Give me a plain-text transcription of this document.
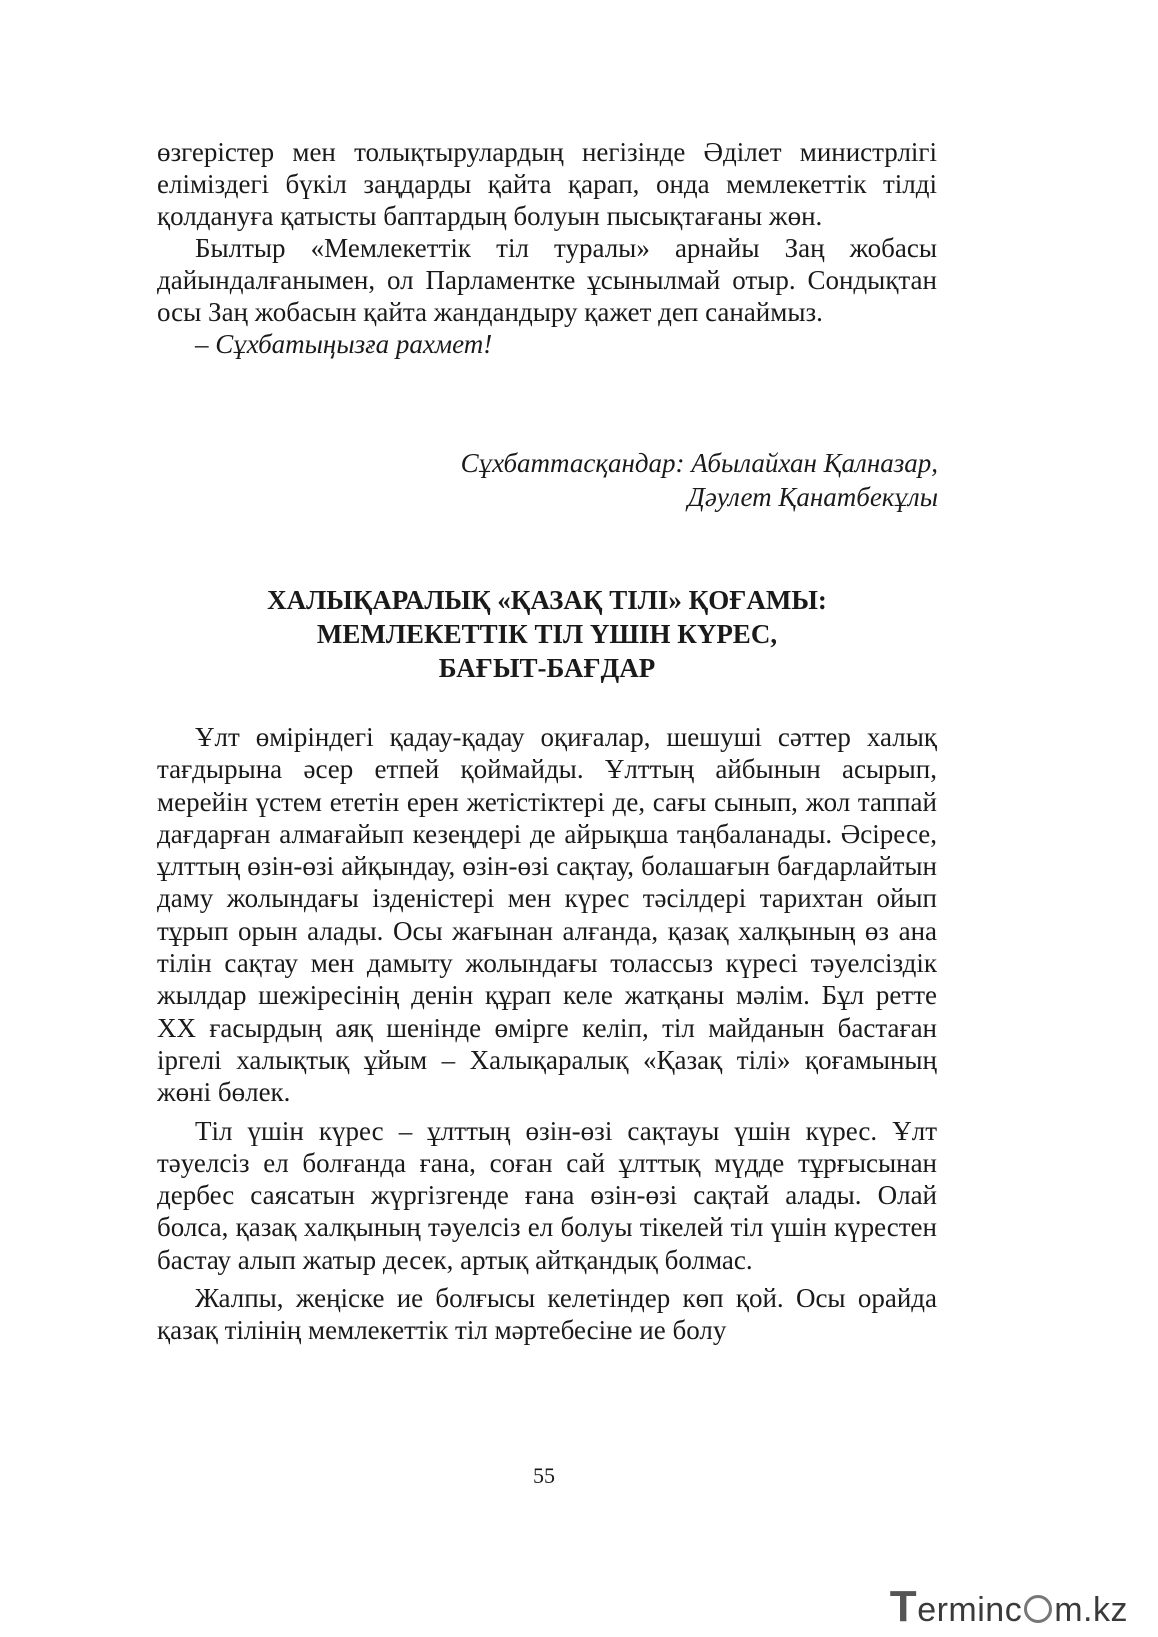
өзгерістер мен толықтырулардың негізінде Әділет министрлігі еліміздегі бүкіл заңдарды қайта қарап, онда мемлекеттік тілді қолдануға қатысты баптардың болуын пысықтағаны жөн.

Былтыр «Мемлекеттік тіл туралы» арнайы Заң жобасы дайындалғанымен, ол Парламентке ұсынылмай отыр. Сондықтан осы Заң жобасын қайта жандандыру қажет деп санаймыз.

– Сұхбатыңызға рахмет!

Сұхбаттасқандар: Абылайхан Қалназар,
Дәулет Қанатбекұлы
ХАЛЫҚАРАЛЫҚ «ҚАЗАҚ ТІЛІ» ҚОҒАМЫ:
МЕМЛЕКЕТТІК ТІЛ ҮШІН КҮРЕС,
БАҒЫТ-БАҒДАР

Ұлт өміріндегі қадау-қадау оқиғалар, шешуші сәттер халық тағдырына әсер етпей қоймайды. Ұлттың айбынын асырып, мерейін үстем ететін ерен жетістіктері де, сағы сынып, жол таппай дағдарған алмағайып кезеңдері де айрықша таңбаланады. Әсіресе, ұлттың өзін-өзі айқындау, өзін-өзі сақтау, болашағын бағдарлайтын даму жолындағы ізденістері мен күрес тәсілдері тарихтан ойып тұрып орын алады. Осы жағынан алғанда, қазақ халқының өз ана тілін сақтау мен дамыту жолындағы толассыз күресі тәуелсіздік жылдар шежіресінің денін құрап келе жатқаны мәлім. Бұл ретте ХХ ғасырдың аяқ шенінде өмірге келіп, тіл майданын бастаған іргелі халықтық ұйым – Халықаралық «Қазақ тілі» қоғамының жөні бөлек.

Тіл үшін күрес – ұлттың өзін-өзі сақтауы үшін күрес. Ұлт тәуелсіз ел болғанда ғана, соған сай ұлттық мүдде тұрғысынан дербес саясатын жүргізгенде ғана өзін-өзі сақтай алады. Олай болса, қазақ халқының тәуелсіз ел болуы тікелей тіл үшін күрестен бастау алып жатыр десек, артық айтқандық болмас.

Жалпы, жеңіске ие болғысы келетіндер көп қой. Осы орайда қазақ тілінің мемлекеттік тіл мәртебесіне ие болу

55
T erminc m.kz
